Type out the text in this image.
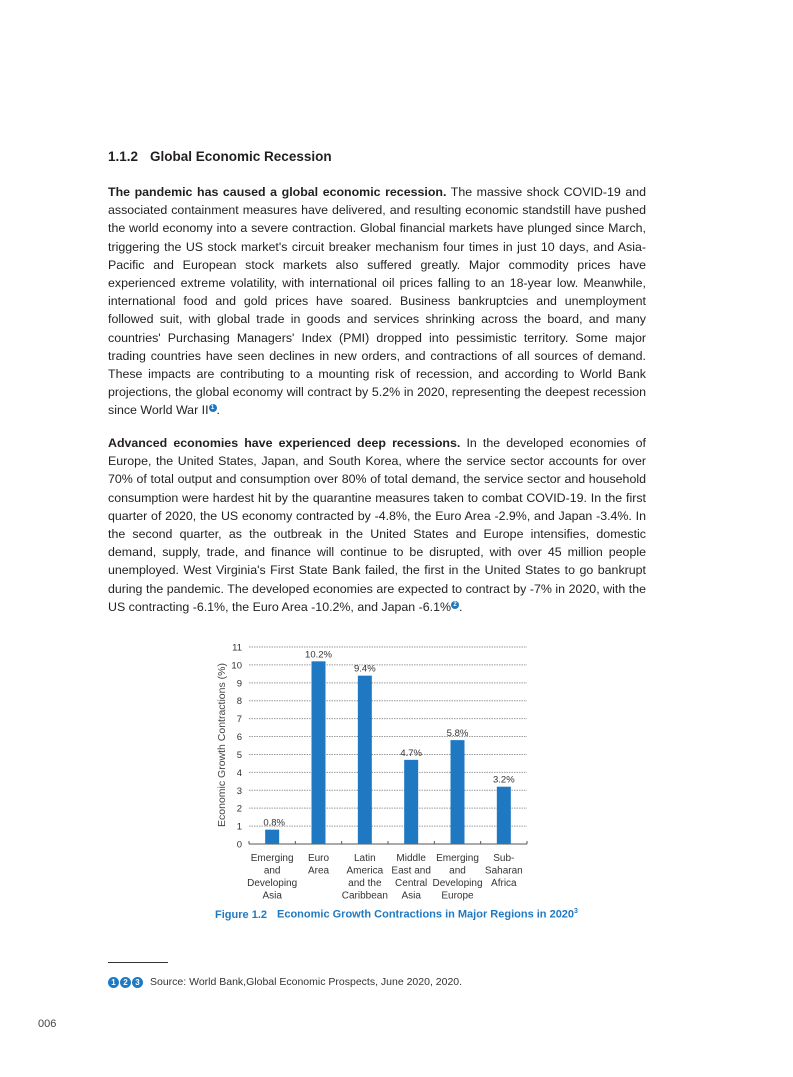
1.1.2 Global Economic Recession
The pandemic has caused a global economic recession. The massive shock COVID-19 and associated containment measures have delivered, and resulting economic standstill have pushed the world economy into a severe contraction. Global financial markets have plunged since March, triggering the US stock market's circuit breaker mechanism four times in just 10 days, and Asia-Pacific and European stock markets also suffered greatly. Major commodity prices have experienced extreme volatility, with international oil prices falling to an 18-year low. Meanwhile, international food and gold prices have soared. Business bankruptcies and unemployment followed suit, with global trade in goods and services shrinking across the board, and many countries' Purchasing Managers' Index (PMI) dropped into pessimistic territory. Some major trading countries have seen declines in new orders, and contractions of all sources of demand. These impacts are contributing to a mounting risk of recession, and according to World Bank projections, the global economy will contract by 5.2% in 2020, representing the deepest recession since World War II 1 .
Advanced economies have experienced deep recessions. In the developed economies of Europe, the United States, Japan, and South Korea, where the service sector accounts for over 70% of total output and consumption over 80% of total demand, the service sector and household consumption were hardest hit by the quarantine measures taken to combat COVID-19. In the first quarter of 2020, the US economy contracted by -4.8%, the Euro Area -2.9%, and Japan -3.4%. In the second quarter, as the outbreak in the United States and Europe intensifies, domestic demand, supply, trade, and finance will continue to be disrupted, with over 45 million people unemployed. West Virginia's First State Bank failed, the first in the United States to go bankrupt during the pandemic. The developed economies are expected to contract by -7% in 2020, with the US contracting -6.1%, the Euro Area -10.2%, and Japan -6.1% 2 .
Economic Growth Contractions (%)
0
1
2
3
4
5
6
7
8
9
10
11
0.8%
Emerging
and
Developing
Asia
10.2%
Euro
Area
9.4%
Latin
America
and the
Caribbean
4.7%
Middle
East and
Central
Asia
5.8%
Emerging
and
Developing
Europe
3.2%
Sub-
Saharan
Africa
Figure 1.2 Economic Growth Contractions in Major Regions in 2020$^3$
1 2 3 Source: World Bank,Global Economic Prospects, June 2020, 2020.
006
